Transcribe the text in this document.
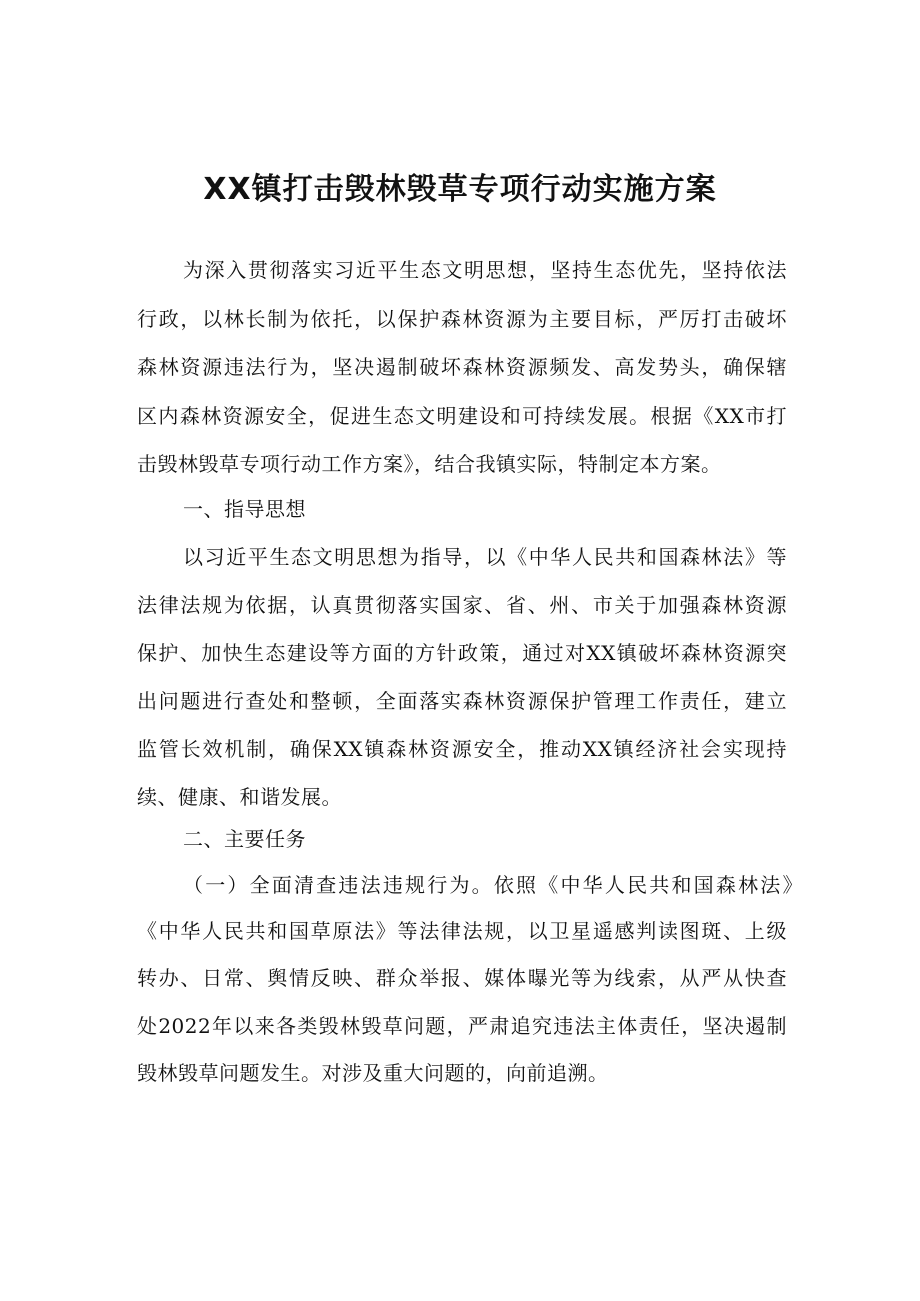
XX镇打击毁林毁草专项行动实施方案
为深入贯彻落实习近平生态文明思想，坚持生态优先，坚持依法
行政，以林长制为依托，以保护森林资源为主要目标，严厉打击破坏
森林资源违法行为，坚决遏制破坏森林资源频发、高发势头，确保辖
区内森林资源安全，促进生态文明建设和可持续发展。根据《XX市打
击毁林毁草专项行动工作方案》，结合我镇实际，特制定本方案。
一、指导思想
以习近平生态文明思想为指导，以《中华人民共和国森林法》等
法律法规为依据，认真贯彻落实国家、省、州、市关于加强森林资源
保护、加快生态建设等方面的方针政策，通过对XX镇破坏森林资源突
出问题进行查处和整顿，全面落实森林资源保护管理工作责任，建立
监管长效机制，确保XX镇森林资源安全，推动XX镇经济社会实现持
续、健康、和谐发展。
二、主要任务
（一）全面清查违法违规行为。依照《中华人民共和国森林法》
《中华人民共和国草原法》等法律法规，以卫星遥感判读图斑、上级
转办、日常、舆情反映、群众举报、媒体曝光等为线索，从严从快查
处2022年以来各类毁林毁草问题，严肃追究违法主体责任，坚决遏制
毁林毁草问题发生。对涉及重大问题的，向前追溯。
